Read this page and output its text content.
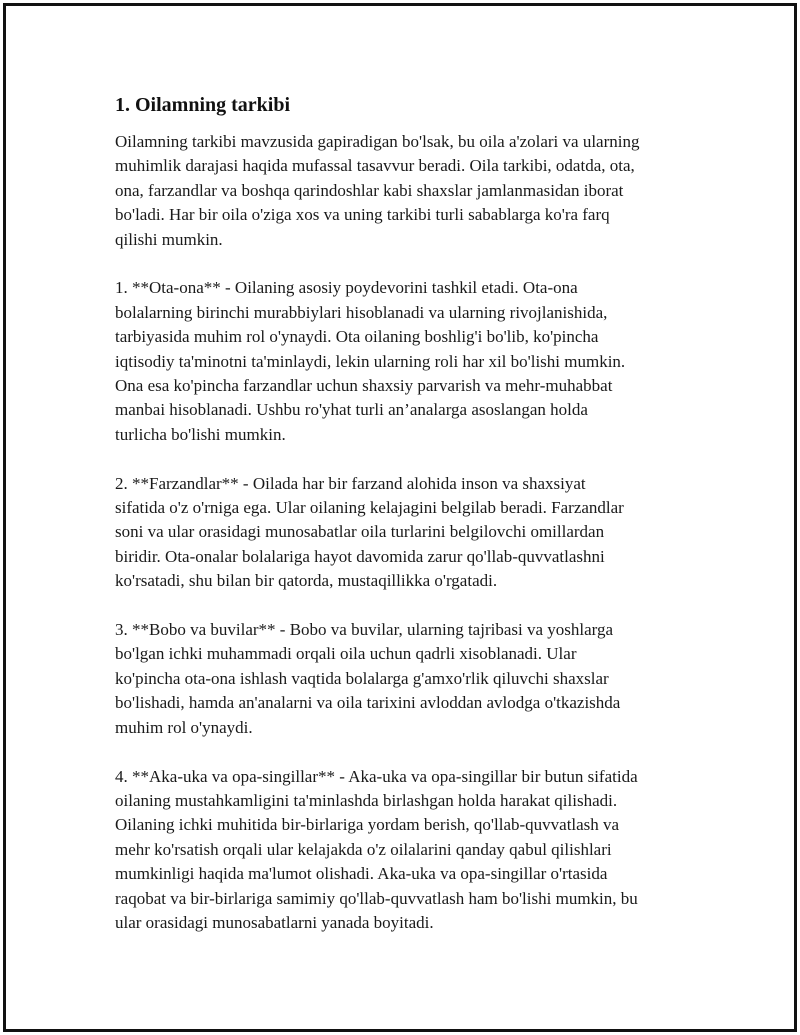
1. Oilamning tarkibi

Oilamning tarkibi mavzusida gapiradigan bo'lsak, bu oila a'zolari va ularning
muhimlik darajasi haqida mufassal tasavvur beradi. Oila tarkibi, odatda, ota,
ona, farzandlar va boshqa qarindoshlar kabi shaxslar jamlanmasidan iborat
bo'ladi. Har bir oila o'ziga xos va uning tarkibi turli sabablarga ko'ra farq
qilishi mumkin.

1. **Ota-ona** - Oilaning asosiy poydevorini tashkil etadi. Ota-ona
bolalarning birinchi murabbiylari hisoblanadi va ularning rivojlanishida,
tarbiyasida muhim rol o'ynaydi. Ota oilaning boshlig'i bo'lib, ko'pincha
iqtisodiy ta'minotni ta'minlaydi, lekin ularning roli har xil bo'lishi mumkin.
Ona esa ko'pincha farzandlar uchun shaxsiy parvarish va mehr-muhabbat
manbai hisoblanadi. Ushbu ro'yhat turli an’analarga asoslangan holda
turlicha bo'lishi mumkin.

2. **Farzandlar** - Oilada har bir farzand alohida inson va shaxsiyat
sifatida o'z o'rniga ega. Ular oilaning kelajagini belgilab beradi. Farzandlar
soni va ular orasidagi munosabatlar oila turlarini belgilovchi omillardan
biridir. Ota-onalar bolalariga hayot davomida zarur qo'llab-quvvatlashni
ko'rsatadi, shu bilan bir qatorda, mustaqillikka o'rgatadi.

3. **Bobo va buvilar** - Bobo va buvilar, ularning tajribasi va yoshlarga
bo'lgan ichki muhammadi orqali oila uchun qadrli xisoblanadi. Ular
ko'pincha ota-ona ishlash vaqtida bolalarga g'amxo'rlik qiluvchi shaxslar
bo'lishadi, hamda an'analarni va oila tarixini avloddan avlodga o'tkazishda
muhim rol o'ynaydi.

4. **Aka-uka va opa-singillar** - Aka-uka va opa-singillar bir butun sifatida
oilaning mustahkamligini ta'minlashda birlashgan holda harakat qilishadi.
Oilaning ichki muhitida bir-birlariga yordam berish, qo'llab-quvvatlash va
mehr ko'rsatish orqali ular kelajakda o'z oilalarini qanday qabul qilishlari
mumkinligi haqida ma'lumot olishadi. Aka-uka va opa-singillar o'rtasida
raqobat va bir-birlariga samimiy qo'llab-quvvatlash ham bo'lishi mumkin, bu
ular orasidagi munosabatlarni yanada boyitadi.
